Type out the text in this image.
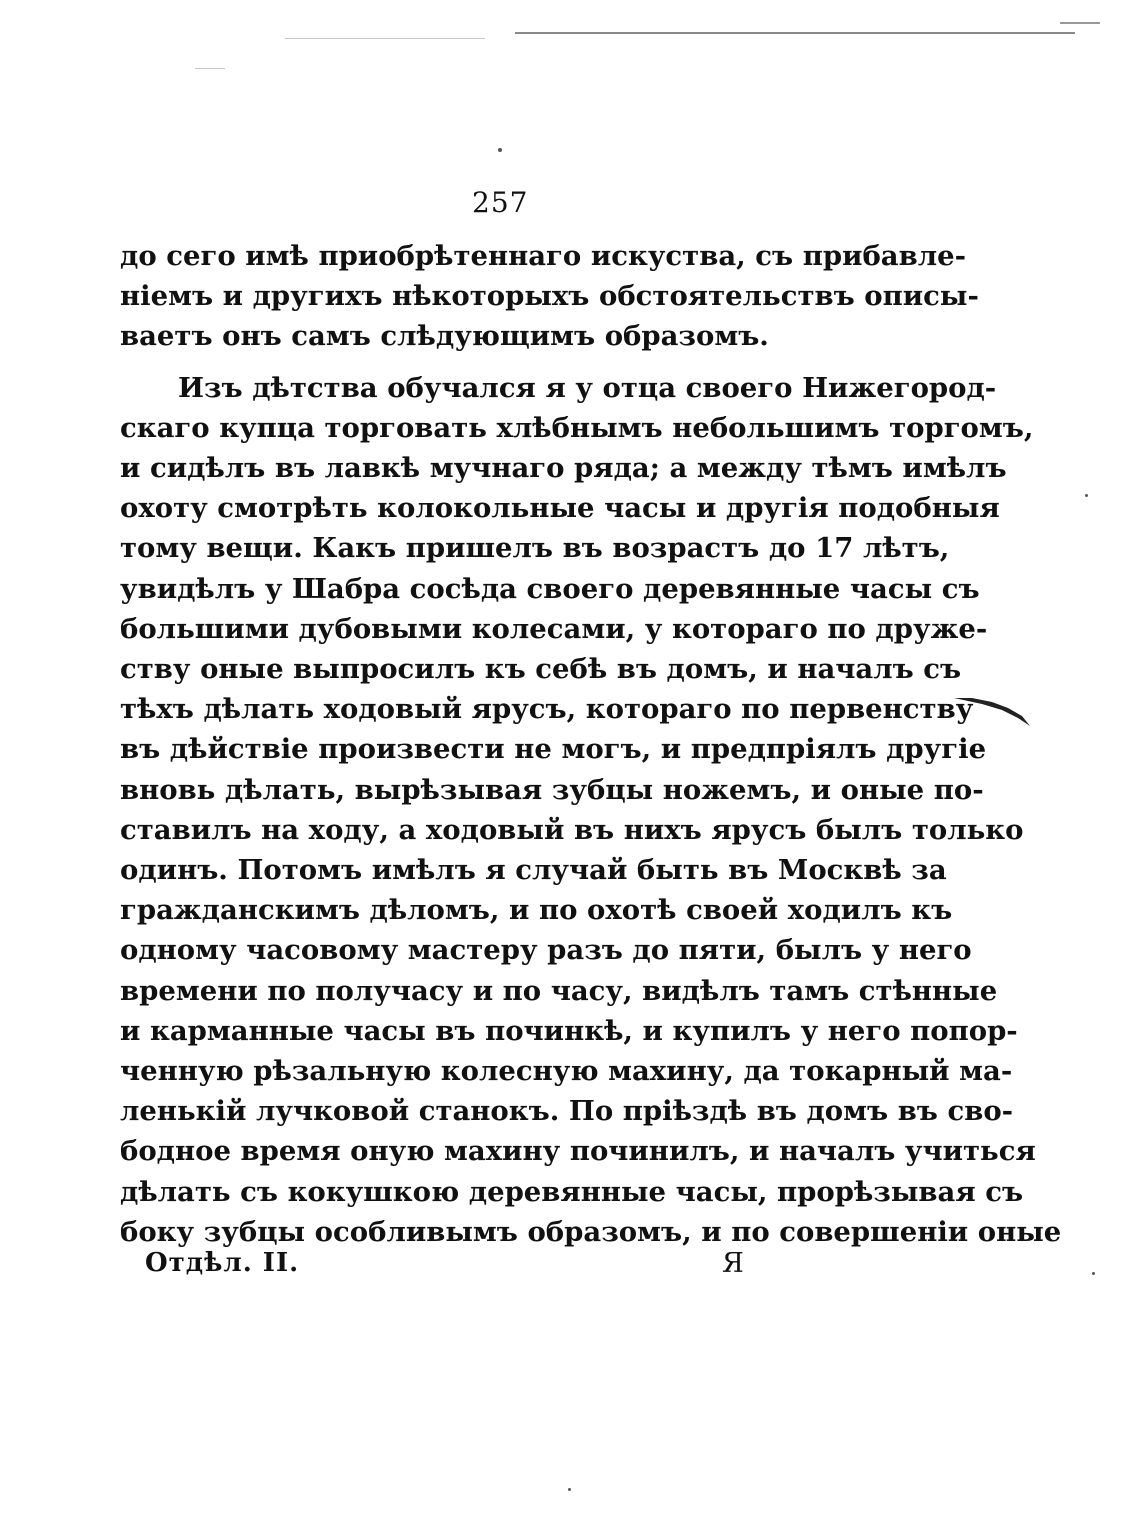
257

до сего имѣ приобрѣтеннаго искуства, съ прибавле-
ніемъ и другихъ нѣкоторыхъ обстоятельствъ описы-
ваетъ онъ самъ слѣдующимъ образомъ.

Изъ дѣтства обучался я у отца своего Нижегород-
скаго купца торговать хлѣбнымъ небольшимъ торгомъ,
и сидѣлъ въ лавкѣ мучнаго ряда; а между тѣмъ имѣлъ
охоту смотрѣть колокольные часы и другія подобныя
тому вещи. Какъ пришелъ въ возрастъ до 17 лѣтъ,
увидѣлъ у Шабра сосѣда своего деревянные часы съ
большими дубовыми колесами, у котораго по друже-
ству оные выпросилъ къ себѣ въ домъ, и началъ съ
тѣхъ дѣлать ходовый ярусъ, котораго по первенству
въ дѣйствіе произвести не могъ, и предпріялъ другіе
вновь дѣлать, вырѣзывая зубцы ножемъ, и оные по-
ставилъ на ходу, а ходовый въ нихъ ярусъ былъ только
одинъ. Потомъ имѣлъ я случай быть въ Москвѣ за
гражданскимъ дѣломъ, и по охотѣ своей ходилъ къ
одному часовому мастеру разъ до пяти, былъ у него
времени по получасу и по часу, видѣлъ тамъ стѣнные
и карманные часы въ починкѣ, и купилъ у него попор-
ченную рѣзальную колесную махину, да токарный ма-
ленькій лучковой станокъ. По пріѣздѣ въ домъ въ сво-
бодное время оную махину починилъ, и началъ учиться
дѣлать съ кокушкою деревянные часы, прорѣзывая съ
боку зубцы особливымъ образомъ, и по совершеніи оные

Отдѣл. II.	Я
